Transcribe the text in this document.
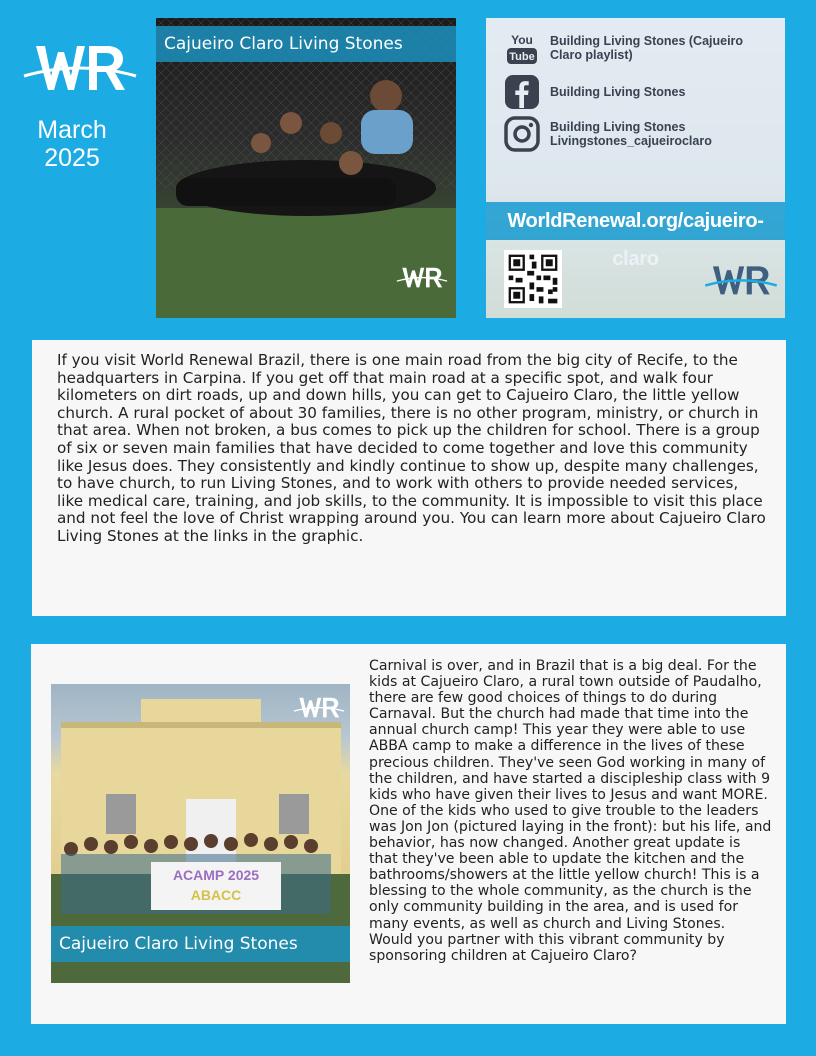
March
2025
Cajueiro Claro Living Stones	You
Tube
Building Living Stones (Cajueiro Claro playlist)
Building Living Stones
Building Living Stones
Livingstones_cajueiroclaro
WorldRenewal.org/cajueiro-

If you visit World Renewal Brazil, there is one main road from the big city of Recife, to the headquarters in Carpina. If you get off that main road at a specific spot, and walk four kilometers on dirt roads, up and down hills, you can get to Cajueiro Claro, the little yellow church. A rural pocket of about 30 families, there is no other program, ministry, or church in that area. When not broken, a bus comes to pick up the children for school. There is a group of six or seven main families that have decided to come together and love this community like Jesus does. They consistently and kindly continue to show up, despite many challenges, to have church, to run Living Stones, and to work with others to provide needed services, like medical care, training, and job skills, to the community. It is impossible to visit this place and not feel the love of Christ wrapping around you. You can learn more about Cajueiro Claro Living Stones at the links in the graphic.

ACAMP 2025
ABACC
Cajueiro Claro Living Stones

Carnival is over, and in Brazil that is a big deal. For the kids at Cajueiro Claro, a rural town outside of Paudalho, there are few good choices of things to do during Carnaval. But the church had made that time into the annual church camp! This year they were able to use ABBA camp to make a difference in the lives of these precious children. They've seen God working in many of the children, and have started a discipleship class with 9 kids who have given their lives to Jesus and want MORE. One of the kids who used to give trouble to the leaders was Jon Jon (pictured laying in the front): but his life, and behavior, has now changed. Another great update is that they've been able to update the kitchen and the bathrooms/showers at the little yellow church! This is a blessing to the whole community, as the church is the only community building in the area, and is used for many events, as well as church and Living Stones. Would you partner with this vibrant community by sponsoring children at Cajueiro Claro?
